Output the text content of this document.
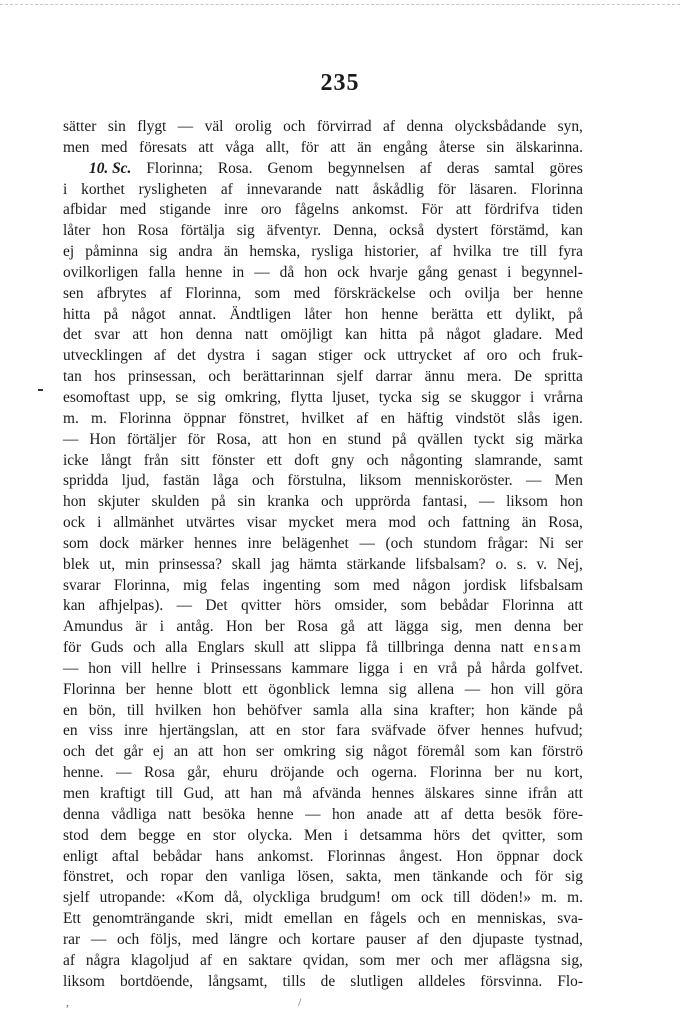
235
sätter sin flygt — väl orolig och förvirrad af denna olycksbådande syn,
men med föresats att våga allt, för att än engång återse sin älskarinna.
10. Sc. Florinna; Rosa. Genom begynnelsen af deras samtal göres
i korthet rysligheten af innevarande natt åskådlig för läsaren. Florinna
afbidar med stigande inre oro fågelns ankomst. För att fördrifva tiden
låter hon Rosa förtälja sig äfventyr. Denna, också dystert förstämd, kan
ej påminna sig andra än hemska, rysliga historier, af hvilka tre till fyra
ovilkorligen falla henne in — då hon ock hvarje gång genast i begynnel-
sen afbrytes af Florinna, som med förskräckelse och ovilja ber henne
hitta på något annat. Ändtligen låter hon henne berätta ett dylikt, på
det svar att hon denna natt omöjligt kan hitta på något gladare. Med
utvecklingen af det dystra i sagan stiger ock uttrycket af oro och fruk-
tan hos prinsessan, och berättarinnan sjelf darrar ännu mera. De spritta
esomoftast upp, se sig omkring, flytta ljuset, tycka sig se skuggor i vrårna
m. m. Florinna öppnar fönstret, hvilket af en häftig vindstöt slås igen.
— Hon förtäljer för Rosa, att hon en stund på qvällen tyckt sig märka
icke långt från sitt fönster ett doft gny och någonting slamrande, samt
spridda ljud, fastän låga och förstulna, liksom menniskoröster. — Men
hon skjuter skulden på sin kranka och upprörda fantasi, — liksom hon
ock i allmänhet utvärtes visar mycket mera mod och fattning än Rosa,
som dock märker hennes inre belägenhet — (och stundom frågar: Ni ser
blek ut, min prinsessa? skall jag hämta stärkande lifsbalsam? o. s. v. Nej,
svarar Florinna, mig felas ingenting som med någon jordisk lifsbalsam
kan afhjelpas). — Det qvitter hörs omsider, som bebådar Florinna att
Amundus är i antåg. Hon ber Rosa gå att lägga sig, men denna ber
för Guds och alla Englars skull att slippa få tillbringa denna natt ensam
— hon vill hellre i Prinsessans kammare ligga i en vrå på hårda golfvet.
Florinna ber henne blott ett ögonblick lemna sig allena — hon vill göra
en bön, till hvilken hon behöfver samla alla sina krafter; hon kände på
en viss inre hjertängslan, att en stor fara sväfvade öfver hennes hufvud;
och det går ej an att hon ser omkring sig något föremål som kan förströ
henne. — Rosa går, ehuru dröjande och ogerna. Florinna ber nu kort,
men kraftigt till Gud, att han må afvända hennes älskares sinne ifrån att
denna vådliga natt besöka henne — hon anade att af detta besök före-
stod dem begge en stor olycka. Men i detsamma hörs det qvitter, som
enligt aftal bebådar hans ankomst. Florinnas ångest. Hon öppnar dock
fönstret, och ropar den vanliga lösen, sakta, men tänkande och för sig
sjelf utropande: «Kom då, olyckliga brudgum! om ock till döden!» m. m.
Ett genomträngande skri, midt emellan en fågels och en menniskas, sva-
rar — och följs, med längre och kortare pauser af den djupaste tystnad,
af några klagoljud af en saktare qvidan, som mer och mer aflägsna sig,
liksom bortdöende, långsamt, tills de slutligen alldeles försvinna. Flo-
,	/
